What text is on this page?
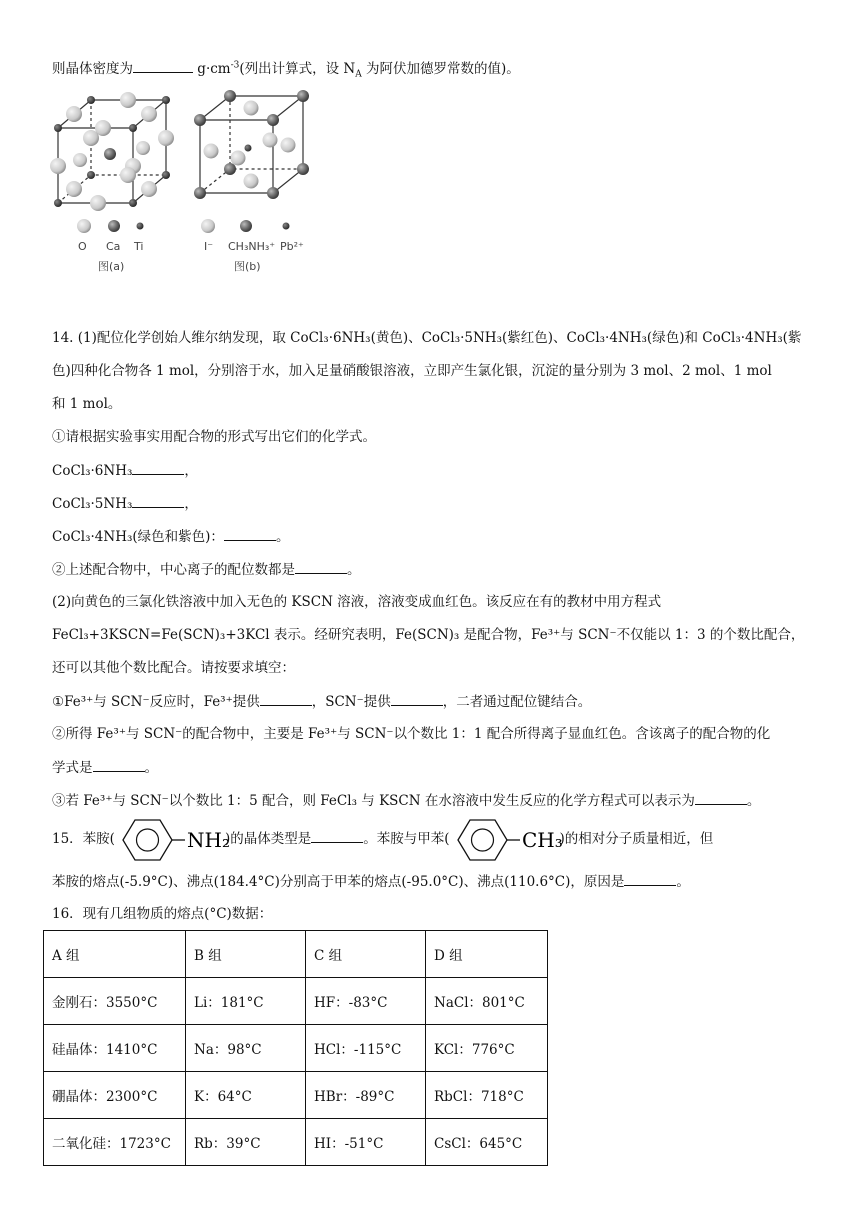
则晶体密度为	$g\cdot cm^{-3}$(列出计算式，设 $N_A$ 为阿伏加德罗常数的值)。
O Ca Ti
图(a)
I⁻ CH₃NH₃⁺ Pb²⁺
图(b)
14. (1)配位化学创始人维尔纳发现，取 CoCl₃·6NH₃(黄色)、CoCl₃·5NH₃(紫红色)、CoCl₃·4NH₃(绿色)和 CoCl₃·4NH₃(紫
色)四种化合物各 1 mol，分别溶于水，加入足量硝酸银溶液，立即产生氯化银，沉淀的量分别为 3 mol、2 mol、1 mol
和 1 mol。
①请根据实验事实用配合物的形式写出它们的化学式。
CoCl₃·6NH₃	，
CoCl₃·5NH₃	，
CoCl₃·4NH₃(绿色和紫色)：	。
②上述配合物中，中心离子的配位数都是	。
(2)向黄色的三氯化铁溶液中加入无色的 KSCN 溶液，溶液变成血红色。该反应在有的教材中用方程式
FeCl₃+3KSCN=Fe(SCN)₃+3KCl 表示。经研究表明，Fe(SCN)₃ 是配合物，Fe³⁺与 SCN⁻不仅能以 1：3 的个数比配合，
还可以其他个数比配合。请按要求填空：
①Fe³⁺与 SCN⁻反应时，Fe³⁺提供	，SCN⁻提供	，二者通过配位键结合。
②所得 Fe³⁺与 SCN⁻的配合物中，主要是 Fe³⁺与 SCN⁻以个数比 1：1 配合所得离子显血红色。含该离子的配合物的化
学式是	。
③若 Fe³⁺与 SCN⁻以个数比 1：5 配合，则 FeCl₃ 与 KSCN 在水溶液中发生反应的化学方程式可以表示为	。
15．苯胺(	NH₂
)的晶体类型是	。苯胺与甲苯(	CH₃
)的相对分子质量相近，但
苯胺的熔点(-5.9°C)、沸点(184.4°C)分别高于甲苯的熔点(-95.0°C)、沸点(110.6°C)，原因是	。
16．现有几组物质的熔点(°C)数据：
A 组	B 组	C 组	D 组
金刚石：3550°C	Li：181°C	HF：-83°C	NaCl：801°C
硅晶体：1410°C	Na：98°C	HCl：-115°C	KCl：776°C
硼晶体：2300°C	K：64°C	HBr：-89°C	RbCl：718°C
二氧化硅：1723°C	Rb：39°C	HI：-51°C	CsCl：645°C
